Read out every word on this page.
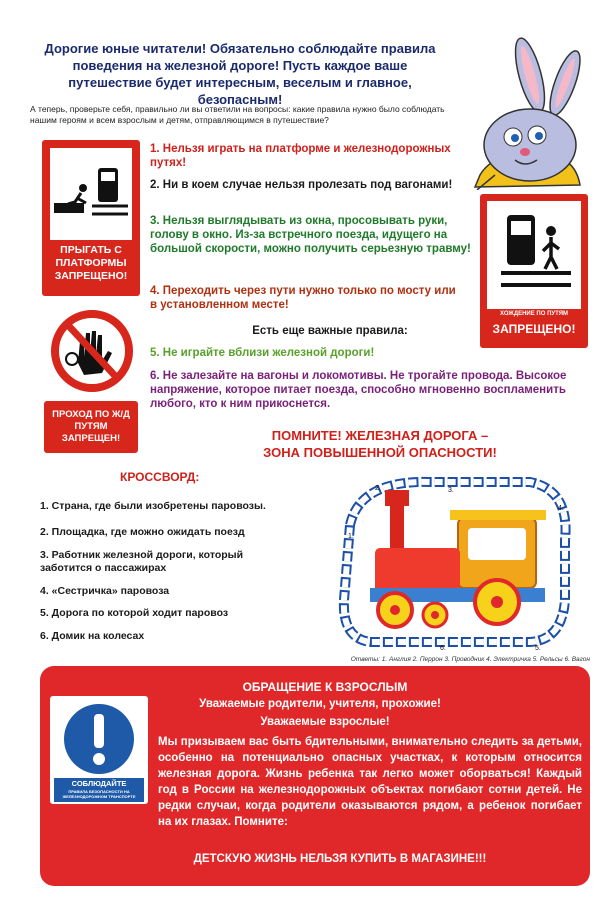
Дорогие юные читатели! Обязательно соблюдайте правила поведения на железной дороге! Пусть каждое ваше путешествие будет интересным, веселым и главное, безопасным!
А теперь, проверьте себя, правильно ли вы ответили на вопросы: какие правила нужно было соблюдать нашим героям и всем взрослым и детям, отправляющимся в путешествие?
ПРЫГАТЬ С ПЛАТФОРМЫ ЗАПРЕЩЕНО!
ХОЖДЕНИЕ ПО ПУТЯМ
ЗАПРЕЩЕНО!
ПРОХОД ПО Ж/Д ПУТЯМ ЗАПРЕЩЕН!
1. Нельзя играть на платформе и железнодорожных путях!
2. Ни в коем случае нельзя пролезать под вагонами!
3. Нельзя выглядывать из окна, просовывать руки, голову в окно. Из-за встречного поезда, идущего на большой скорости, можно получить серьезную травму!
4. Переходить через пути нужно только по мосту или в установленном месте!
Есть еще важные правила:
5. Не играйте вблизи железной дороги!
6. Не залезайте на вагоны и локомотивы. Не трогайте провода. Высокое напряжение, которое питает поезда, способно мгновенно воспламенить любого, кто к ним прикоснется.
ПОМНИТЕ! ЖЕЛЕЗНАЯ ДОРОГА –
ЗОНА ПОВЫШЕННОЙ ОПАСНОСТИ!
КРОССВОРД:
1. Страна, где были изобретены паровозы.
2. Площадка, где можно ожидать поезд
3. Работник железной дороги, который заботится о пассажирах
4. «Сестричка» паровоза
5. Дорога по которой ходит паровоз
6. Домик на колесах
1.
2.	3.
4.
5.
6.
Ответы: 1. Англия 2. Перрон 3. Проводник 4. Электричка 5. Рельсы 6. Вагон
СОБЛЮДАЙТЕ
ПРАВИЛА БЕЗОПАСНОСТИ НА ЖЕЛЕЗНОДОРОЖНОМ ТРАНСПОРТЕ
ОБРАЩЕНИЕ К ВЗРОСЛЫМ
Уважаемые родители, учителя, прохожие!
Уважаемые взрослые!
Мы призываем вас быть бдительными, внимательно следить за детьми, особенно на потенциально опасных участках, к которым относится железная дорога. Жизнь ребенка так легко может оборваться! Каждый год в России на железнодорожных объектах погибают сотни детей. Не редки случаи, когда родители оказываются рядом, а ребенок погибает на их глазах. Помните:
ДЕТСКУЮ ЖИЗНЬ НЕЛЬЗЯ КУПИТЬ В МАГАЗИНЕ!!!
